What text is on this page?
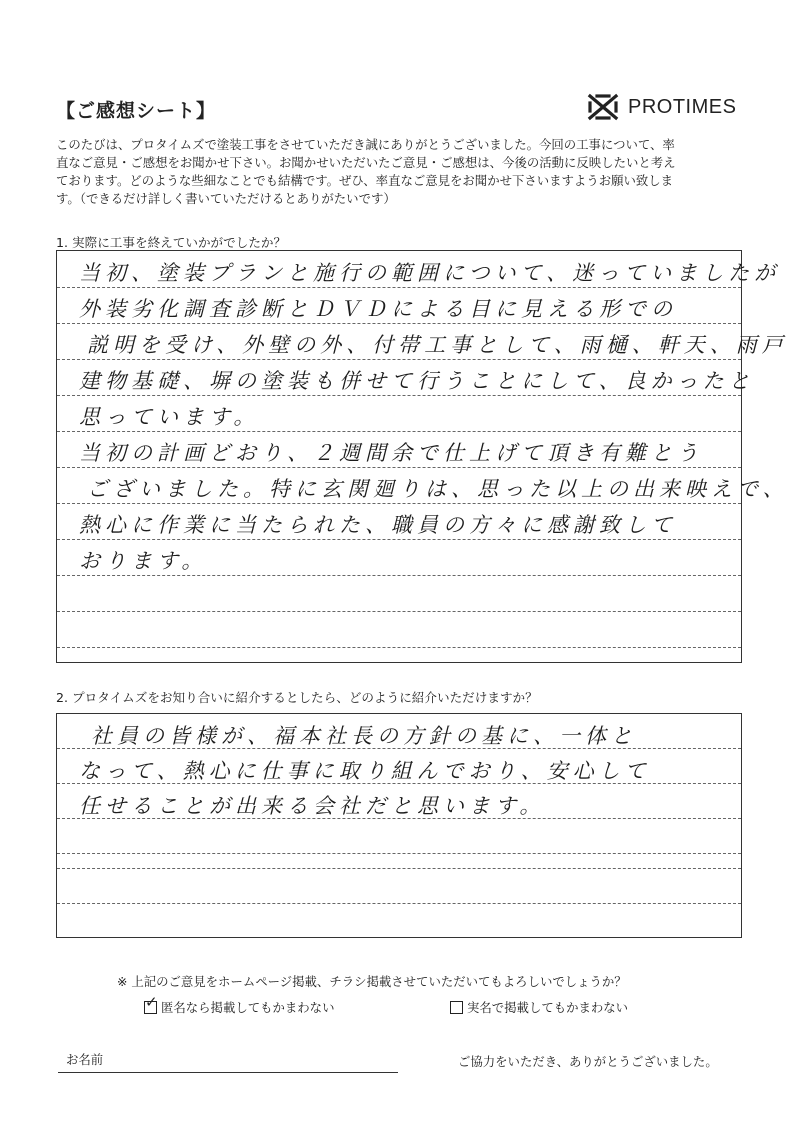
【ご感想シート】	PROTIMES
このたびは、プロタイムズで塗装工事をさせていただき誠にありがとうございました。今回の工事について、率
直なご意見・ご感想をお聞かせ下さい。お聞かせいただいたご意見・ご感想は、今後の活動に反映したいと考え
ております。どのような些細なことでも結構です。ぜひ、率直なご意見をお聞かせ下さいますようお願い致しま
す。（できるだけ詳しく書いていただけるとありがたいです）
1. 実際に工事を終えていかがでしたか？
当初、塗装プランと施行の範囲について、迷っていましたが
外装劣化調査診断とＤＶＤによる目に見える形での
説明を受け、外壁の外、付帯工事として、雨樋、軒天、雨戸
建物基礎、塀の塗装も併せて行うことにして、良かったと
思っています。
当初の計画どおり、２週間余で仕上げて頂き有難とう
ございました。特に玄関廻りは、思った以上の出来映えで、
熱心に作業に当たられた、職員の方々に感謝致して
おります。
2. プロタイムズをお知り合いに紹介するとしたら、どのように紹介いただけますか？
社員の皆様が、福本社長の方針の基に、一体と
なって、熱心に仕事に取り組んでおり、安心して
任せることが出来る会社だと思います。
※ 上記のご意見をホームページ掲載、チラシ掲載させていただいてもよろしいでしょうか？
✓ 匿名なら掲載してもかまわない	実名で掲載してもかまわない
お名前	ご協力をいただき、ありがとうございました。
